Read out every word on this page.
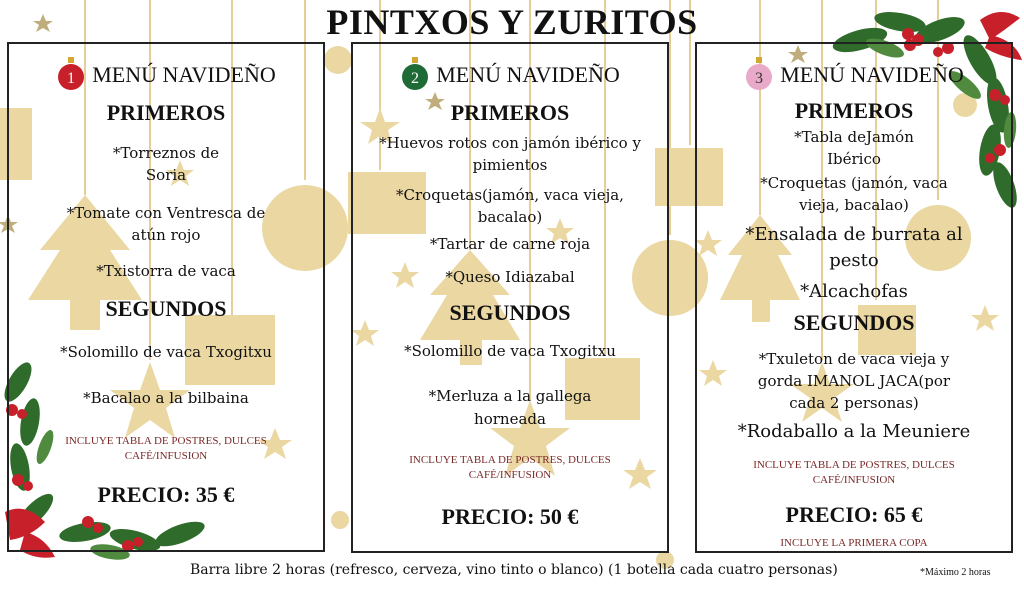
PINTXOS Y ZURITOS
1 MENÚ NAVIDEÑO
PRIMEROS
*Torreznos de
Soria
*Tomate con Ventresca de
atún rojo
*Txistorra de vaca
SEGUNDOS
*Solomillo de vaca Txogitxu
*Bacalao a la bilbaina
INCLUYE TABLA DE POSTRES, DULCES
CAFÉ/INFUSION
PRECIO: 35 €
2 MENÚ NAVIDEÑO
PRIMEROS
*Huevos rotos con jamón ibérico y
pimientos
*Croquetas(jamón, vaca vieja,
bacalao)
*Tartar de carne roja
*Queso Idiazabal
SEGUNDOS
*Solomillo de vaca Txogitxu
*Merluza a la gallega
horneada
INCLUYE TABLA DE POSTRES, DULCES
CAFÉ/INFUSION
PRECIO: 50 €
3 MENÚ NAVIDEÑO
PRIMEROS
*Tabla deJamón
Ibérico
*Croquetas (jamón, vaca
vieja, bacalao)
*Ensalada de burrata al
pesto
*Alcachofas
SEGUNDOS
*Txuleton de vaca vieja y
gorda IMANOL JACA(por
cada 2 personas)
*Rodaballo a la Meuniere
INCLUYE TABLA DE POSTRES, DULCES
CAFÉ/INFUSION
PRECIO: 65 €
INCLUYE LA PRIMERA COPA
Barra libre 2 horas (refresco, cerveza, vino tinto o blanco) (1 botella cada cuatro personas)	*Máximo 2 horas
